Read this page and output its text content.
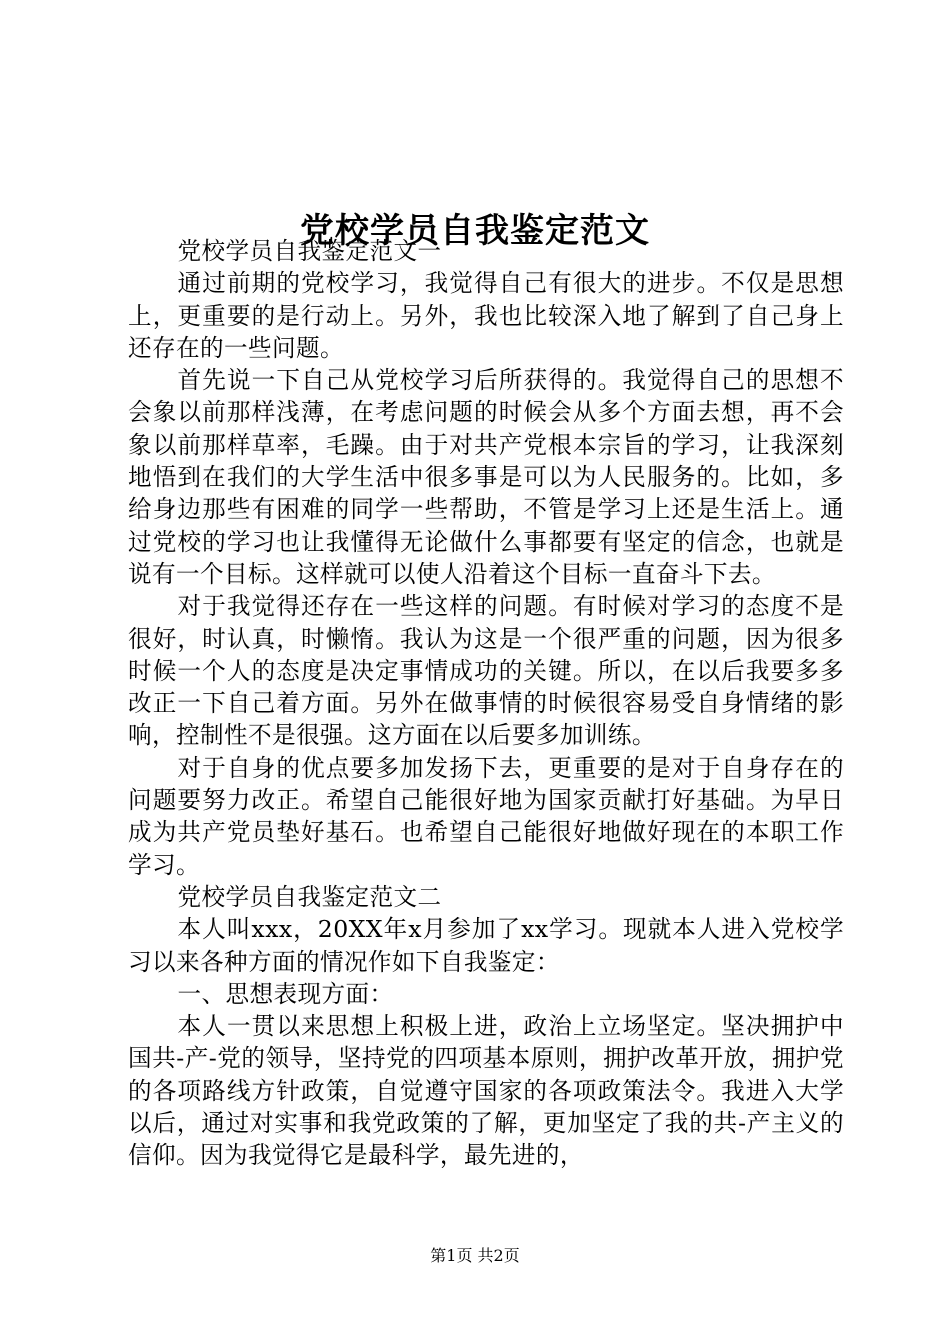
党校学员自我鉴定范文

党校学员自我鉴定范文一

通过前期的党校学习，我觉得自己有很大的进步。不仅是思想上，更重要的是行动上。另外，我也比较深入地了解到了自己身上还存在的一些问题。

首先说一下自己从党校学习后所获得的。我觉得自己的思想不会象以前那样浅薄，在考虑问题的时候会从多个方面去想，再不会象以前那样草率，毛躁。由于对共产党根本宗旨的学习，让我深刻地悟到在我们的大学生活中很多事是可以为人民服务的。比如，多给身边那些有困难的同学一些帮助，不管是学习上还是生活上。通过党校的学习也让我懂得无论做什么事都要有坚定的信念，也就是说有一个目标。这样就可以使人沿着这个目标一直奋斗下去。

对于我觉得还存在一些这样的问题。有时候对学习的态度不是很好，时认真，时懒惰。我认为这是一个很严重的问题，因为很多时候一个人的态度是决定事情成功的关键。所以，在以后我要多多改正一下自己着方面。另外在做事情的时候很容易受自身情绪的影响，控制性不是很强。这方面在以后要多加训练。

对于自身的优点要多加发扬下去，更重要的是对于自身存在的问题要努力改正。希望自己能很好地为国家贡献打好基础。为早日成为共产党员垫好基石。也希望自己能很好地做好现在的本职工作学习。

党校学员自我鉴定范文二

本人叫xxx，20XX年x月参加了xx学习。现就本人进入党校学习以来各种方面的情况作如下自我鉴定：

一、思想表现方面：

本人一贯以来思想上积极上进，政治上立场坚定。坚决拥护中国共-产-党的领导，坚持党的四项基本原则，拥护改革开放，拥护党的各项路线方针政策，自觉遵守国家的各项政策法令。我进入大学以后，通过对实事和我党政策的了解，更加坚定了我的共-产主义的信仰。因为我觉得它是最科学，最先进的，

第1页 共2页
